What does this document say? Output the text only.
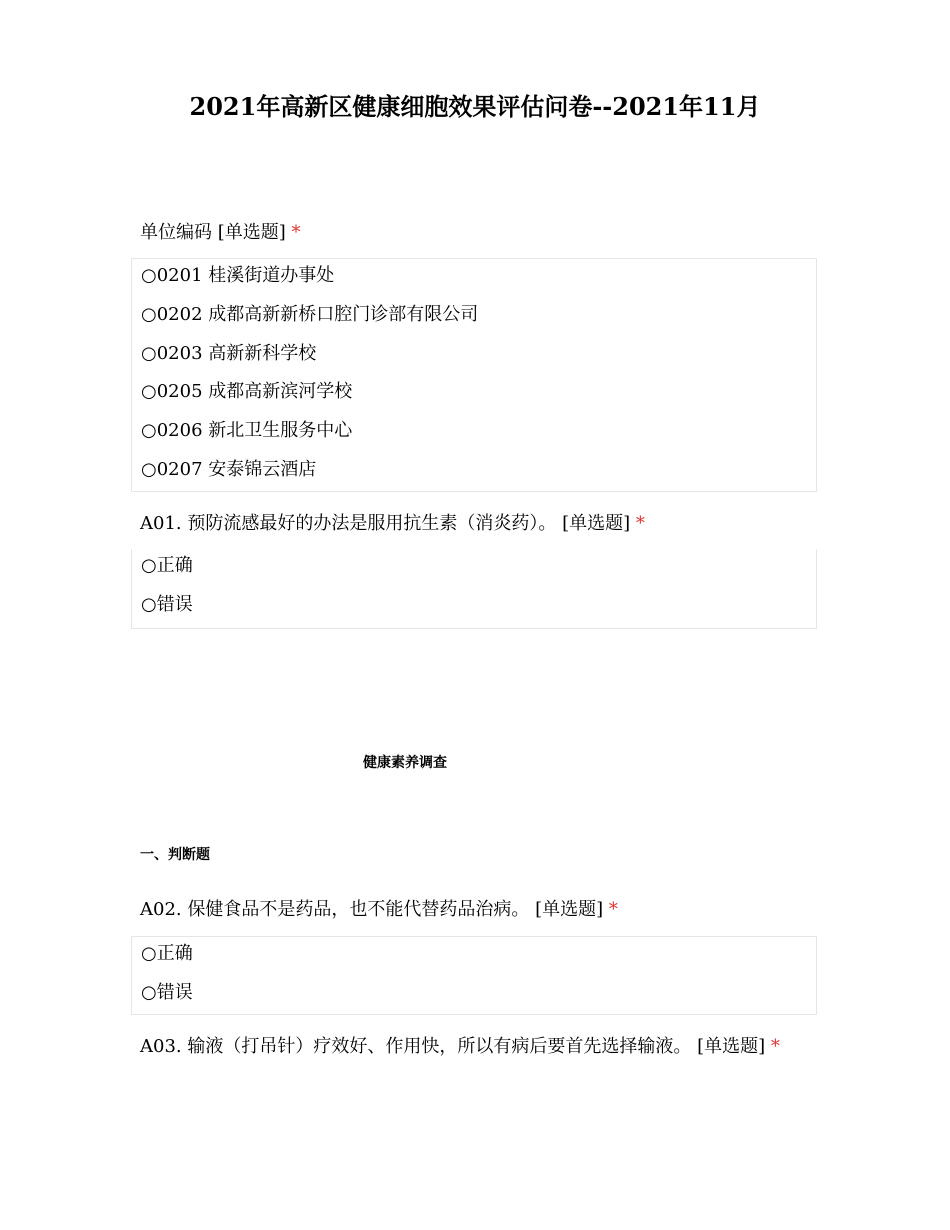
2021年高新区健康细胞效果评估问卷--2021年11月
单位编码 [单选题] *
○0201 桂溪街道办事处
○0202 成都高新新桥口腔门诊部有限公司
○0203 高新新科学校
○0205 成都高新滨河学校
○0206 新北卫生服务中心
○0207 安泰锦云酒店
A01. 预防流感最好的办法是服用抗生素（消炎药）。 [单选题] *
○正确
○错误
健康素养调查
一、判断题
A02. 保健食品不是药品，也不能代替药品治病。 [单选题] *
○正确
○错误
A03. 输液（打吊针）疗效好、作用快，所以有病后要首先选择输液。 [单选题] *
